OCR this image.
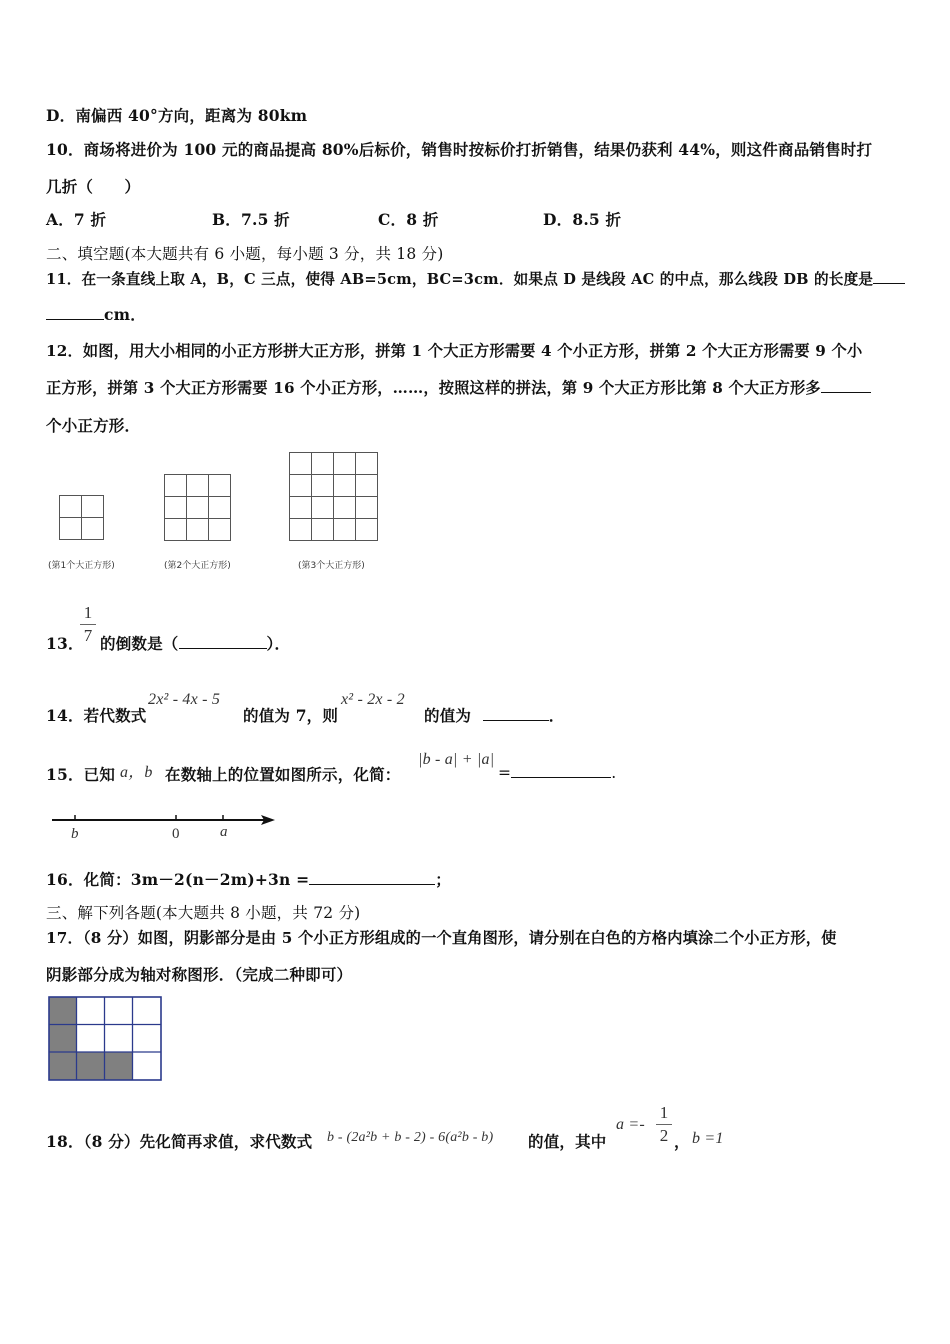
D．南偏西 40°方向，距离为 80km
10．商场将进价为 100 元的商品提高 80%后标价，销售时按标价打折销售，结果仍获利 44%，则这件商品销售时打
几折（　　）
A．7 折	B．7.5 折	C．8 折	D．8.5 折
二、填空题(本大题共有 6 小题，每小题 3 分，共 18 分)
11．在一条直线上取 A，B，C 三点，使得 AB=5cm，BC=3cm．如果点 D 是线段 AC 的中点，那么线段 DB 的长度是
cm．
12．如图，用大小相同的小正方形拼大正方形，拼第 1 个大正方形需要 4 个小正方形，拼第 2 个大正方形需要 9 个小
正方形，拼第 3 个大正方形需要 16 个小正方形，……，按照这样的拼法，第 9 个大正方形比第 8 个大正方形多
个小正方形．
(第1个大正方形)	(第2个大正方形)	(第3个大正方形)
13．
1
7 的倒数是（	）．
14．若代数式
2x² - 4x - 5
的值为 7，则
x² - 2x - 2
的值为	．
15．已知 a，b 在数轴上的位置如图所示，化简：
|b - a| + |a|
=	.
b	0	a
16．化简：3m－2(n－2m)+3n =	；
三、解下列各题(本大题共 8 小题，共 72 分)
17．（8 分）如图，阴影部分是由 5 个小正方形组成的一个直角图形，请分别在白色的方格内填涂二个小正方形，使
阴影部分成为轴对称图形．（完成二种即可）
18．（8 分）先化简再求值，求代数式 b - (2a²b + b - 2) - 6(a²b - b) 的值，其中
a =-
1
2 ， b =1
